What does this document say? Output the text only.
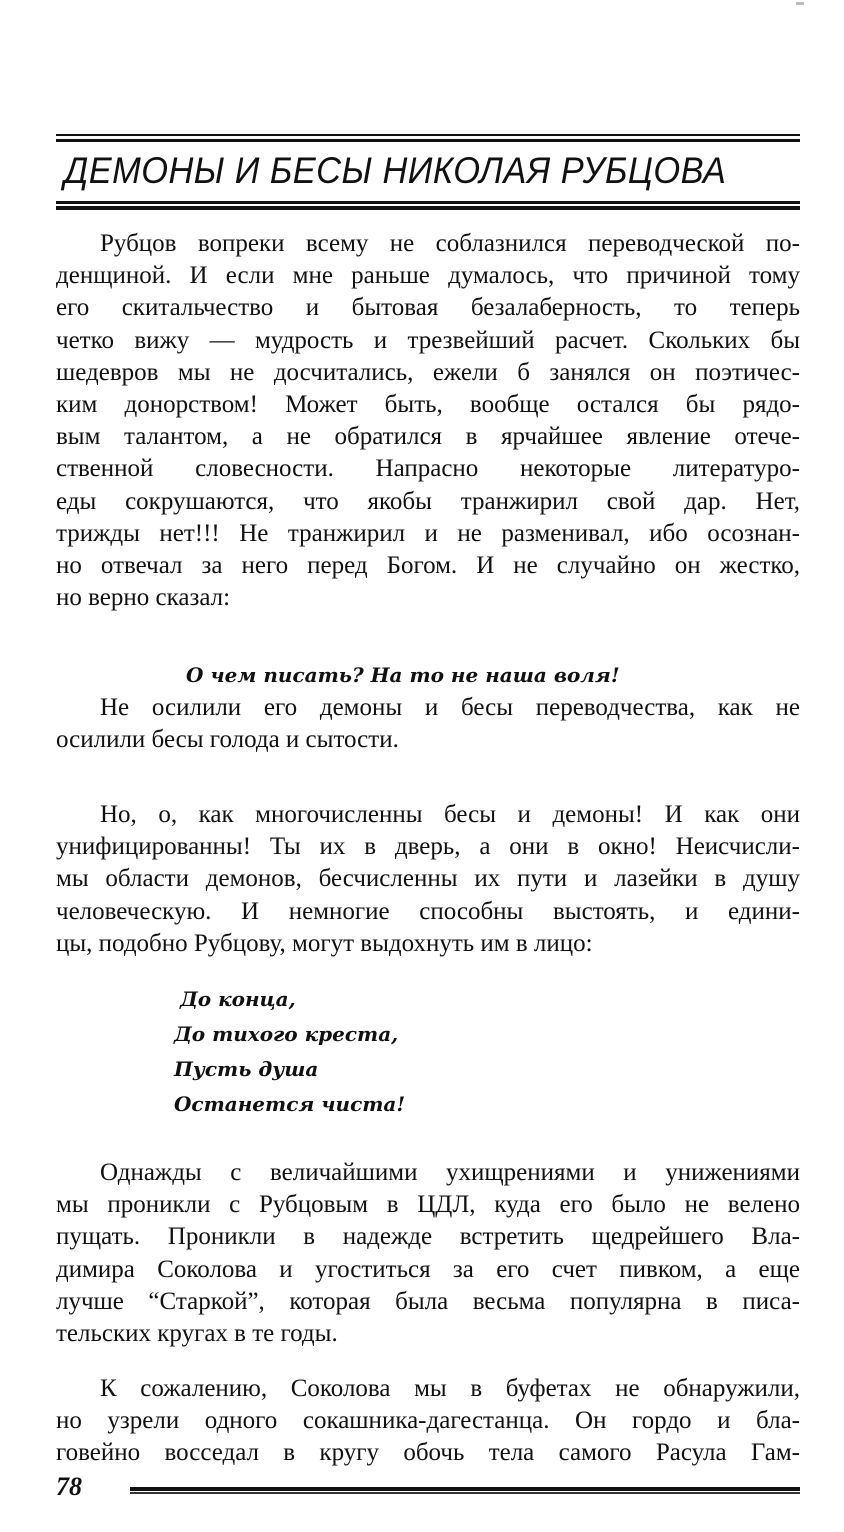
ДЕМОНЫ И БЕСЫ НИКОЛАЯ РУБЦОВА
Рубцов вопреки всему не соблазнился переводческой по-
денщиной. И если мне раньше думалось, что причиной тому
его скитальчество и бытовая безалаберность, то теперь
четко вижу — мудрость и трезвейший расчет. Скольких бы
шедевров мы не досчитались, ежели б занялся он поэтичес-
ким донорством! Может быть, вообще остался бы рядо-
вым талантом, а не обратился в ярчайшее явление отече-
ственной словесности. Напрасно некоторые литературо-
еды сокрушаются, что якобы транжирил свой дар. Нет,
трижды нет!!! Не транжирил и не разменивал, ибо осознан-
но отвечал за него перед Богом. И не случайно он жестко,
но верно сказал:
О чем писать? На то не наша воля!
Не осилили его демоны и бесы переводчества, как не
осилили бесы голода и сытости.
Но, о, как многочисленны бесы и демоны! И как они
унифицированны! Ты их в дверь, а они в окно! Неисчисли-
мы области демонов, бесчисленны их пути и лазейки в душу
человеческую. И немногие способны выстоять, и едини-
цы, подобно Рубцову, могут выдохнуть им в лицо:
До конца,
До тихого креста,
Пусть душа
Останется чиста!
Однажды с величайшими ухищрениями и унижениями
мы проникли с Рубцовым в ЦДЛ, куда его было не велено
пущать. Проникли в надежде встретить щедрейшего Вла-
димира Соколова и угоститься за его счет пивком, а еще
лучше “Старкой”, которая была весьма популярна в писа-
тельских кругах в те годы.
К сожалению, Соколова мы в буфетах не обнаружили,
но узрели одного сокашника-дагестанца. Он гордо и бла-
говейно восседал в кругу обочь тела самого Расула Гам-
78
